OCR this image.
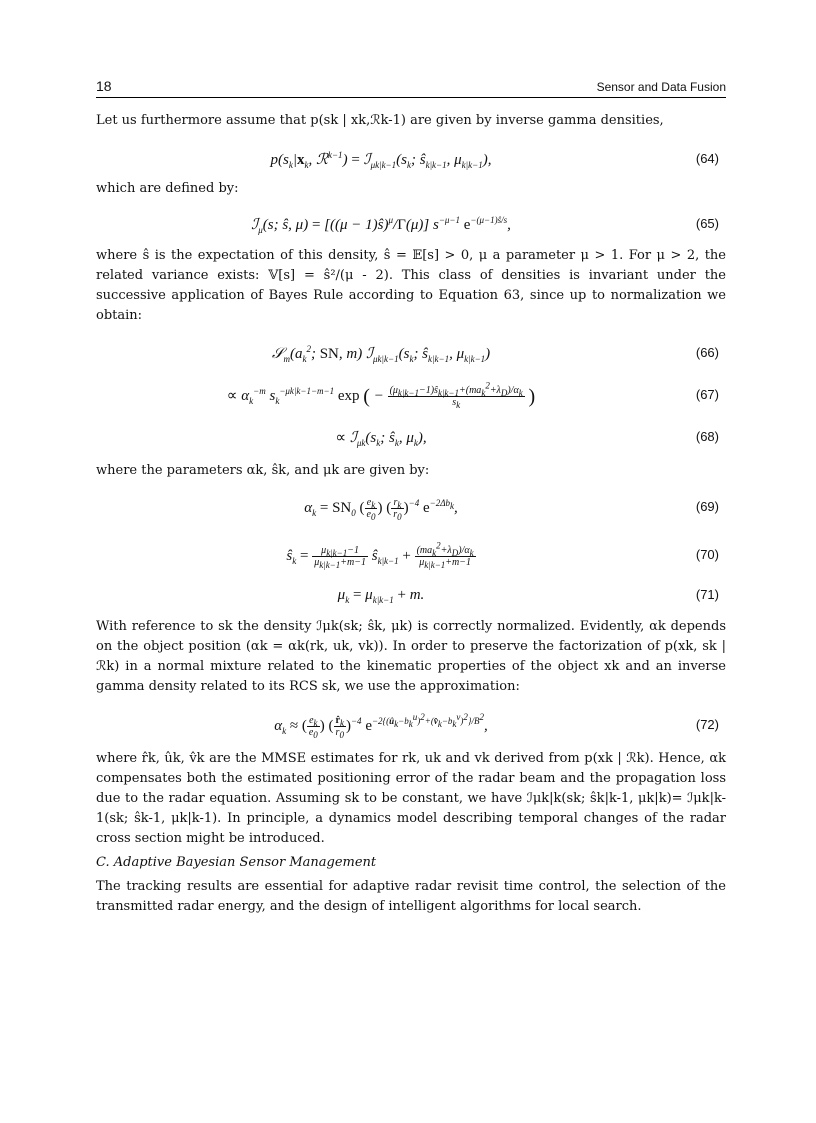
18	Sensor and Data Fusion

Let us furthermore assume that p(sk | xk,ℛk-1) are given by inverse gamma densities,

$p(s_k|x_k$, ℛ$^{k-1}$) = $ℐ_{\mu k|k-1}(s_k$; $ŝ_{k|k-1}$, $\mu_{k|k-1}$),	(64)

which are defined by:

ℐ$_\mu$(s; ŝ, μ) = [((μ − 1)ŝ)$^\mu$/Γ(μ)] $s^{-\mu-1}$ $e^{-(\mu-1)ŝ/s}$,	(65)

where ŝ is the expectation of this density, ŝ = 𝔼[s] > 0, μ a parameter μ > 1. For μ > 2, the related variance exists: 𝕍[s] = ŝ²/(μ - 2). This class of densities is invariant under the successive application of Bayes Rule according to Equation 63, since up to normalization we obtain:

$𝒮_m(a_k^2$; SN, m) $ℐ_{\mu k|k-1}(s_k$; $ŝ_{k|k-1}$, $\mu_{k|k-1}$)	(66)
∝ $\alpha_k^{-m}$ $s_k^{-\mu k|k-1-m-1}$ exp ( − $\frac{(\mu_{k|k-1}-1)ŝ_{k|k-1}+(ma_k^2+\lambda_D)/\alpha_k}{s_k}$ )	(67)
∝ $ℐ_{\mu k}(s_k$; $ŝ_k$, $\mu_k$),	(68)

where the parameters αk, ŝk, and μk are given by:

$\alpha_k = SN_0$ ( $\frac{e_k}{e_0}$ ) ( $\frac{r_k}{r_0} )^{-4}$ $e^{-2\Delta b_k}$,	(69)
$ŝ_k = \frac{\mu_{k|k-1}-1}{\mu_{k|k-1}+m-1}$ $ŝ_{k|k-1} + \frac{(ma_k^2+\lambda_D)/\alpha_k}{\mu_{k|k-1}+m-1}$	(70)
$\mu_k = \mu_{k|k-1} + m$.	(71)

With reference to sk the density ℐμk(sk; ŝk, μk) is correctly normalized. Evidently, αk depends on the object position (αk = αk(rk, uk, vk)). In order to preserve the factorization of p(xk, sk | ℛk) in a normal mixture related to the kinematic properties of the object xk and an inverse gamma density related to its RCS sk, we use the approximation:

$\alpha_k$ ≈ ( $\frac{e_k}{e_0}$ ) ( $\frac{r̂_k}{r_0} )^{-4}$ $e^{-2\{(û_k-b_k^u)^2+(v̂_k-b_k^v)^2\}/B^2}$,	(72)

where r̂k, ûk, v̂k are the MMSE estimates for rk, uk and vk derived from p(xk | ℛk). Hence, αk compensates both the estimated positioning error of the radar beam and the propagation loss due to the radar equation. Assuming sk to be constant, we have ℐμk|k(sk; ŝk|k-1, μk|k)= ℐμk|k-1(sk; ŝk-1, μk|k-1). In principle, a dynamics model describing temporal changes of the radar cross section might be introduced.

C. Adaptive Bayesian Sensor Management

The tracking results are essential for adaptive radar revisit time control, the selection of the transmitted radar energy, and the design of intelligent algorithms for local search.
